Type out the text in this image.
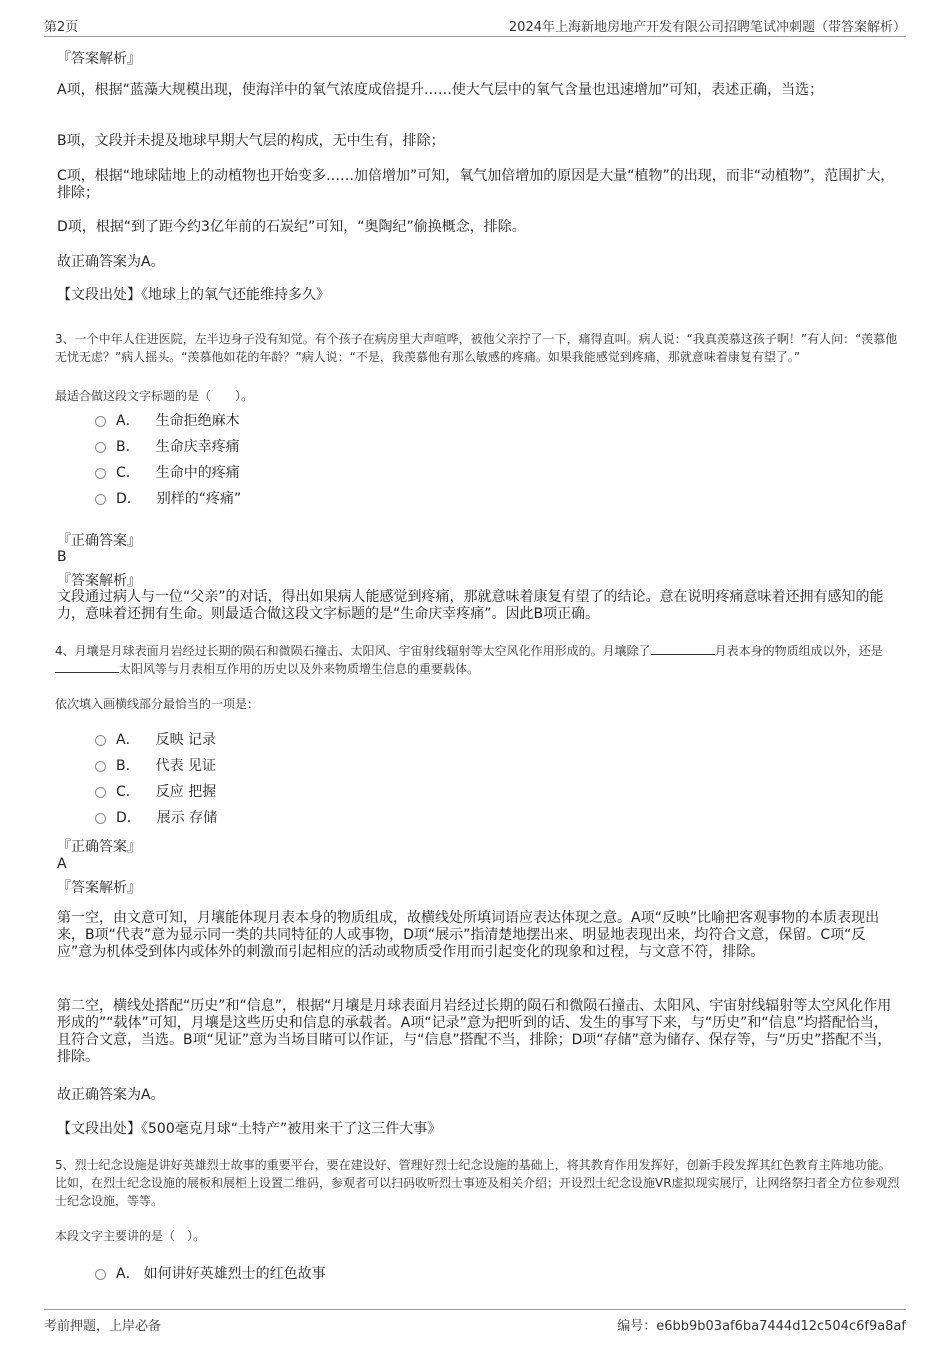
第2页	2024年上海新地房地产开发有限公司招聘笔试冲刺题（带答案解析）
『答案解析』

A项，根据“蓝藻大规模出现，使海洋中的氧气浓度成倍提升……使大气层中的氧气含量也迅速增加”可知，表述正确，当选；

B项，文段并未提及地球早期大气层的构成，无中生有，排除；

C项，根据“地球陆地上的动植物也开始变多……加倍增加”可知，氧气加倍增加的原因是大量“植物”的出现，而非“动植物”，范围扩大，排除；

D项，根据“到了距今约3亿年前的石炭纪”可知，“奥陶纪”偷换概念，排除。

故正确答案为A。

【文段出处】《地球上的氧气还能维持多久》

3、一个中年人住进医院，左半边身子没有知觉。有个孩子在病房里大声喧哗，被他父亲拧了一下，痛得直叫。病人说：“我真羡慕这孩子啊！”有人问：“羡慕他无忧无虑？”病人摇头。“羡慕他如花的年龄？”病人说：“不是，我羡慕他有那么敏感的疼痛。如果我能感觉到疼痛，那就意味着康复有望了。”

最适合做这段文字标题的是（　　）。

A． 生命拒绝麻木
B． 生命庆幸疼痛
C． 生命中的疼痛
D． 别样的“疼痛”
『正确答案』
B
『答案解析』

文段通过病人与一位“父亲”的对话，得出如果病人能感觉到疼痛，那就意味着康复有望了的结论。意在说明疼痛意味着还拥有感知的能力，意味着还拥有生命。则最适合做这段文字标题的是“生命庆幸疼痛”。因此B项正确。

4、月壤是月球表面月岩经过长期的陨石和微陨石撞击、太阳风、宇宙射线辐射等太空风化作用形成的。月壤除了	月表本身的物质组成以外，还是太阳风等与月表相互作用的历史以及外来物质增生信息的重要载体。

依次填入画横线部分最恰当的一项是：

A． 反映 记录
B． 代表 见证
C． 反应 把握
D． 展示 存储
『正确答案』
A
『答案解析』

第一空，由文意可知，月壤能体现月表本身的物质组成，故横线处所填词语应表达体现之意。A项“反映”比喻把客观事物的本质表现出来，B项“代表”意为显示同一类的共同特征的人或事物，D项“展示”指清楚地摆出来、明显地表现出来，均符合文意，保留。C项“反应”意为机体受到体内或体外的刺激而引起相应的活动或物质受作用而引起变化的现象和过程，与文意不符，排除。

第二空，横线处搭配“历史”和“信息”，根据“月壤是月球表面月岩经过长期的陨石和微陨石撞击、太阳风、宇宙射线辐射等太空风化作用形成的”“载体”可知，月壤是这些历史和信息的承载者。A项“记录”意为把听到的话、发生的事写下来，与“历史”和“信息”均搭配恰当，且符合文意，当选。B项“见证”意为当场目睹可以作证，与“信息”搭配不当，排除；D项“存储”意为储存、保存等，与“历史”搭配不当，排除。

故正确答案为A。

【文段出处】《500毫克月球“土特产”被用来干了这三件大事》

5、烈士纪念设施是讲好英雄烈士故事的重要平台，要在建设好、管理好烈士纪念设施的基础上，将其教育作用发挥好，创新手段发挥其红色教育主阵地功能。比如，在烈士纪念设施的展板和展柜上设置二维码，参观者可以扫码收听烈士事迹及相关介绍；开设烈士纪念设施VR虚拟现实展厅，让网络祭扫者全方位参观烈士纪念设施，等等。

本段文字主要讲的是（　）。

A． 如何讲好英雄烈士的红色故事
考前押题，上岸必备	编号：e6bb9b03af6ba7444d12c504c6f9a8af
